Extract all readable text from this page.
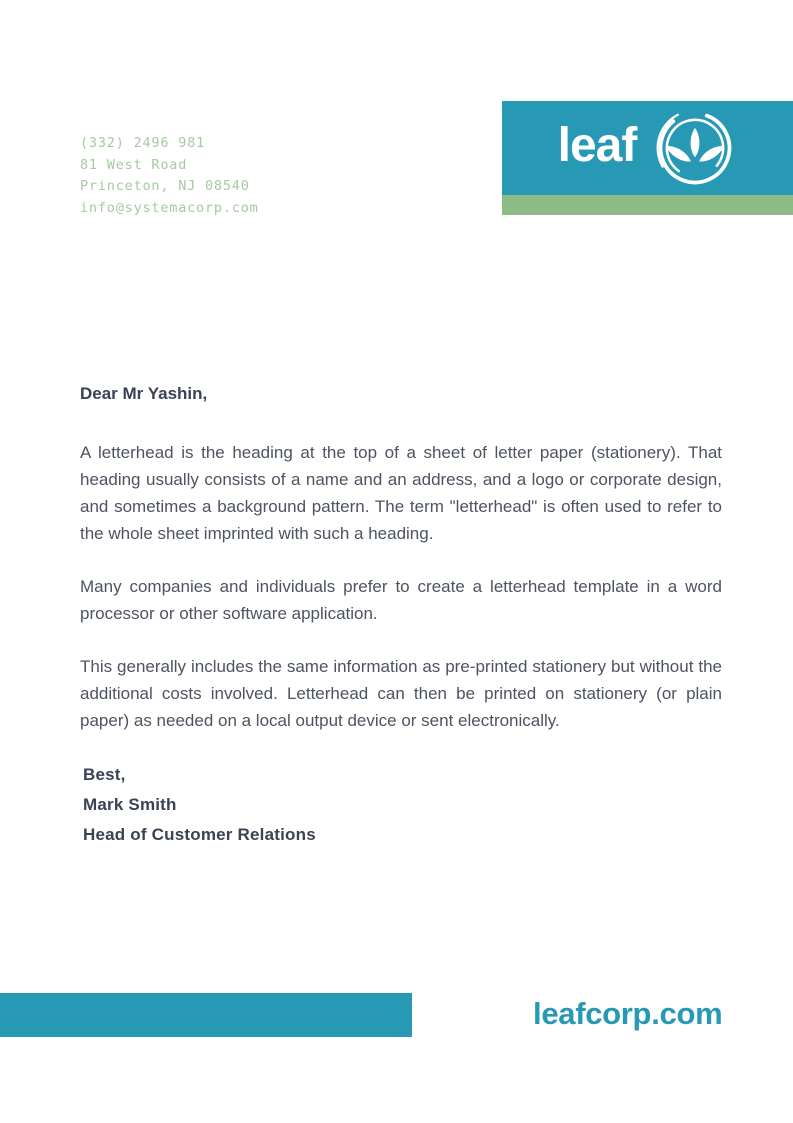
(332) 2496 981
81 West Road
Princeton, NJ 08540
info@systemacorp.com
leaf
Dear Mr Yashin,

A letterhead is the heading at the top of a sheet of letter paper (stationery). That heading usually consists of a name and an address, and a logo or corporate design, and sometimes a background pattern. The term "letterhead" is often used to refer to the whole sheet imprinted with such a heading.

Many companies and individuals prefer to create a letterhead template in a word processor or other software application.

This generally includes the same information as pre-printed stationery but without the additional costs involved. Letterhead can then be printed on stationery (or plain paper) as needed on a local output device or sent electronically.

Best,
Mark Smith
Head of Customer Relations
leafcorp.com
